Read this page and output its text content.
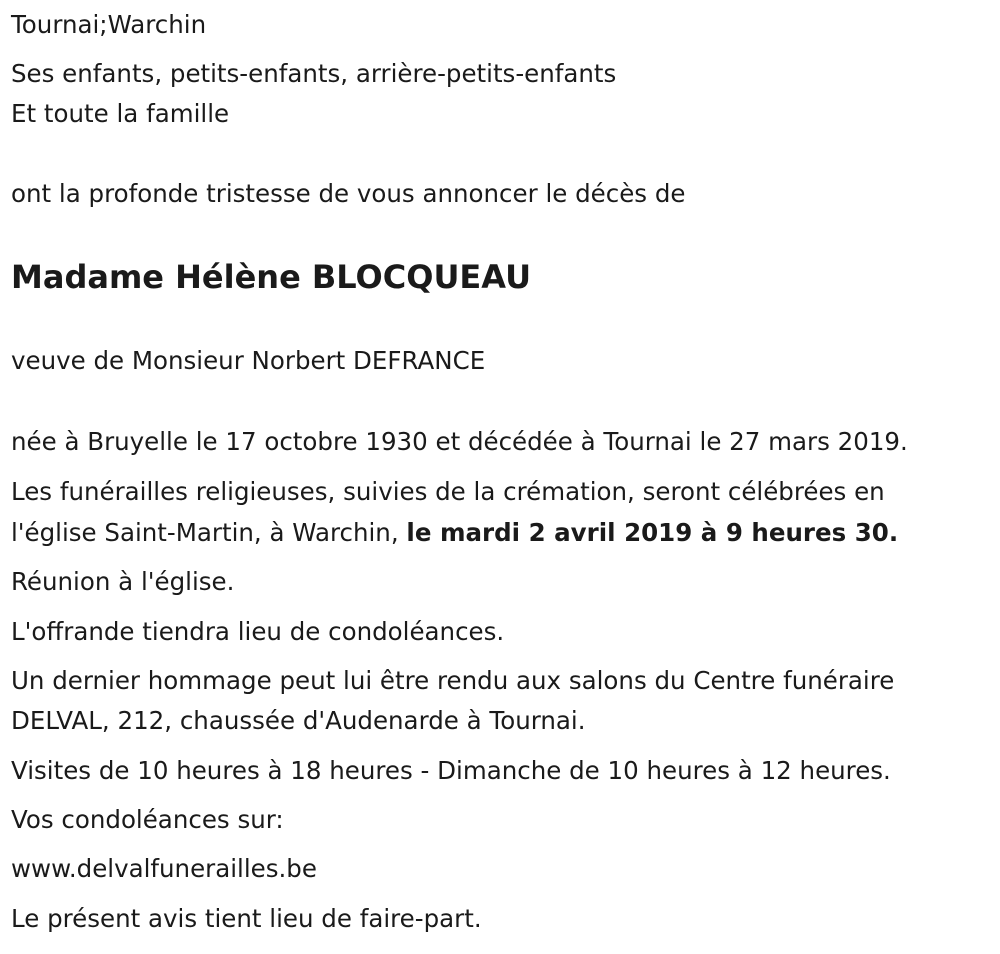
Tournai;Warchin

Ses enfants, petits-enfants, arrière-petits-enfants

Et toute la famille

ont la profonde tristesse de vous annoncer le décès de

Madame Hélène BLOCQUEAU

veuve de Monsieur Norbert DEFRANCE

née à Bruyelle le 17 octobre 1930 et décédée à Tournai le 27 mars 2019.

Les funérailles religieuses, suivies de la crémation, seront célébrées en

l'église Saint-Martin, à Warchin, le mardi 2 avril 2019 à 9 heures 30.

Réunion à l'église.

L'offrande tiendra lieu de condoléances.

Un dernier hommage peut lui être rendu aux salons du Centre funéraire

DELVAL, 212, chaussée d'Audenarde à Tournai.

Visites de 10 heures à 18 heures - Dimanche de 10 heures à 12 heures.

Vos condoléances sur:

www.delvalfunerailles.be

Le présent avis tient lieu de faire-part.
